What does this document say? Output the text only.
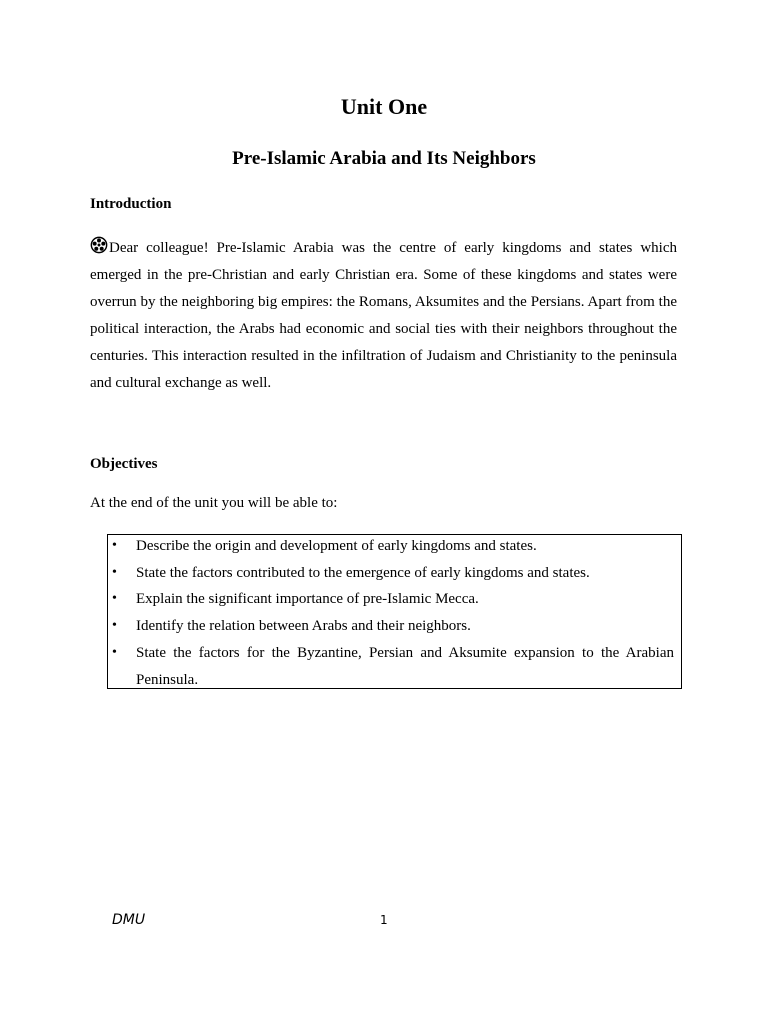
Unit One
Pre-Islamic Arabia and Its Neighbors
Introduction

Dear colleague! Pre-Islamic Arabia was the centre of early kingdoms and states which emerged in the pre-Christian and early Christian era. Some of these kingdoms and states were overrun by the neighboring big empires: the Romans, Aksumites and the Persians. Apart from the political interaction, the Arabs had economic and social ties with their neighbors throughout the centuries. This interaction resulted in the infiltration of Judaism and Christianity to the peninsula and cultural exchange as well.

Objectives

At the end of the unit you will be able to:

• Describe the origin and development of early kingdoms and states.
• State the factors contributed to the emergence of early kingdoms and states.
• Explain the significant importance of pre-Islamic Mecca.
• Identify the relation between Arabs and their neighbors.
• State the factors for the Byzantine, Persian and Aksumite expansion to the Arabian Peninsula.

DMU	1
